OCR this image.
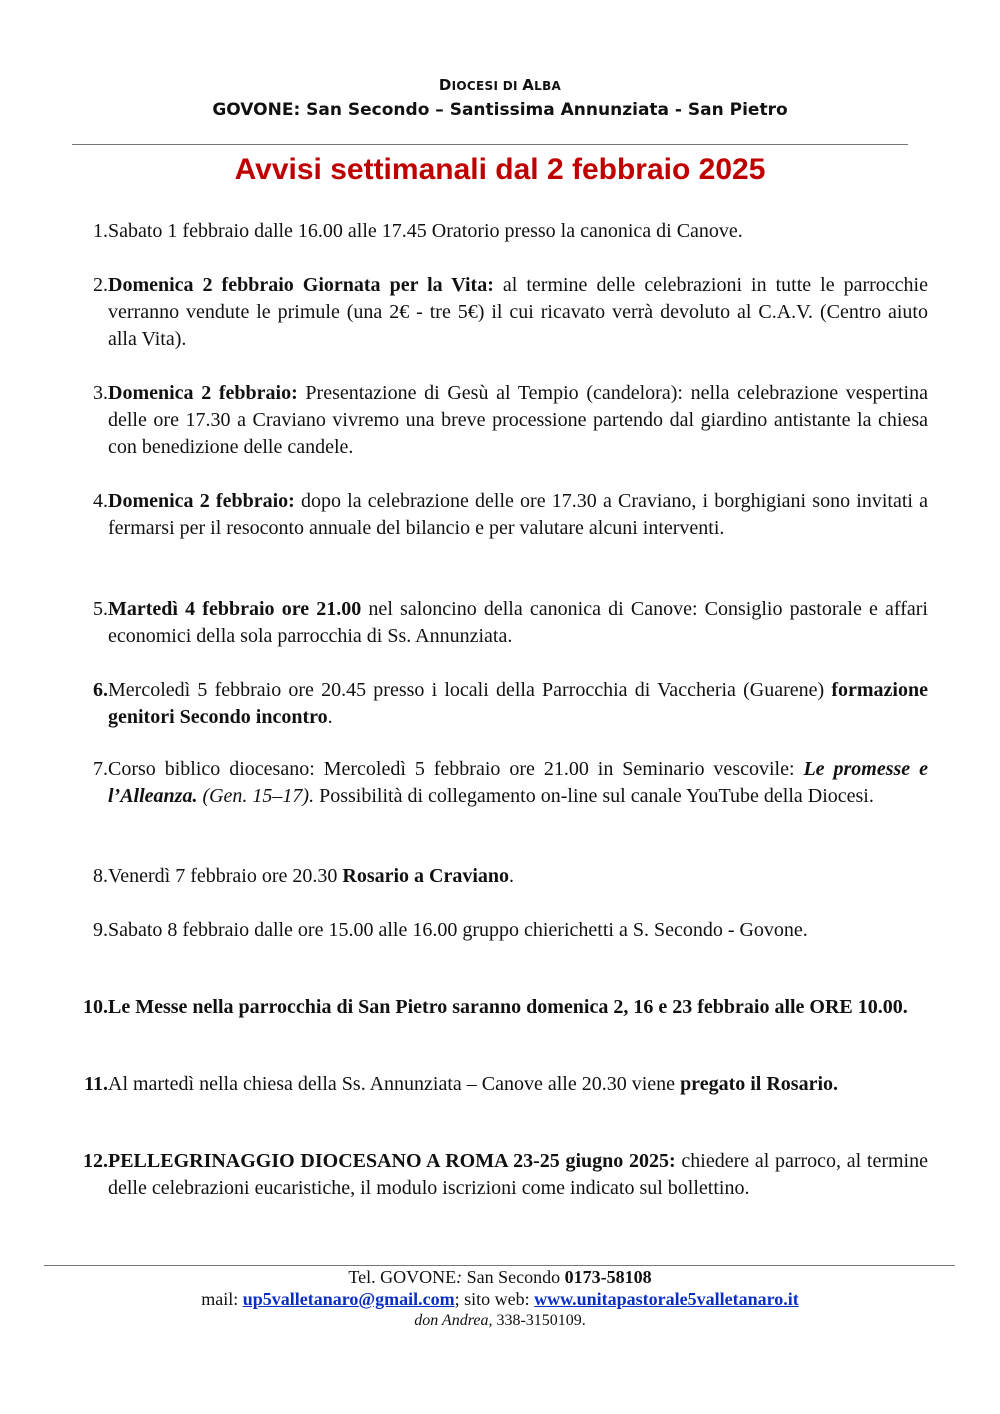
DIOCESI DI ALBA
GOVONE: San Secondo – Santissima Annunziata - San Pietro
Avvisi settimanali dal 2 febbraio 2025
1. Sabato 1 febbraio dalle 16.00 alle 17.45 Oratorio presso la canonica di Canove.
2. Domenica 2 febbraio Giornata per la Vita: al termine delle celebrazioni in tutte le parrocchie verranno vendute le primule (una 2€ - tre 5€) il cui ricavato verrà devoluto al C.A.V. (Centro aiuto alla Vita).
3. Domenica 2 febbraio: Presentazione di Gesù al Tempio (candelora): nella celebrazione vespertina delle ore 17.30 a Craviano vivremo una breve processione partendo dal giardino antistante la chiesa con benedizione delle candele.
4. Domenica 2 febbraio: dopo la celebrazione delle ore 17.30 a Craviano, i borghigiani sono invitati a fermarsi per il resoconto annuale del bilancio e per valutare alcuni interventi.
5. Martedì 4 febbraio ore 21.00 nel saloncino della canonica di Canove: Consiglio pastorale e affari economici della sola parrocchia di Ss. Annunziata.
6. Mercoledì 5 febbraio ore 20.45 presso i locali della Parrocchia di Vaccheria (Guarene) formazione genitori Secondo incontro.
7. Corso biblico diocesano: Mercoledì 5 febbraio ore 21.00 in Seminario vescovile: Le promesse e l’Alleanza. (Gen. 15–17). Possibilità di collegamento on-line sul canale YouTube della Diocesi.
8. Venerdì 7 febbraio ore 20.30 Rosario a Craviano.
9. Sabato 8 febbraio dalle ore 15.00 alle 16.00 gruppo chierichetti a S. Secondo - Govone.
10. Le Messe nella parrocchia di San Pietro saranno domenica 2, 16 e 23 febbraio alle ORE 10.00.
11. Al martedì nella chiesa della Ss. Annunziata – Canove alle 20.30 viene pregato il Rosario.
12. PELLEGRINAGGIO DIOCESANO A ROMA 23-25 giugno 2025: chiedere al parroco, al termine delle celebrazioni eucaristiche, il modulo iscrizioni come indicato sul bollettino.
Tel. GOVONE: San Secondo 0173-58108
mail: up5valletanaro@gmail.com; sito web: www.unitapastorale5valletanaro.it
don Andrea, 338-3150109.
